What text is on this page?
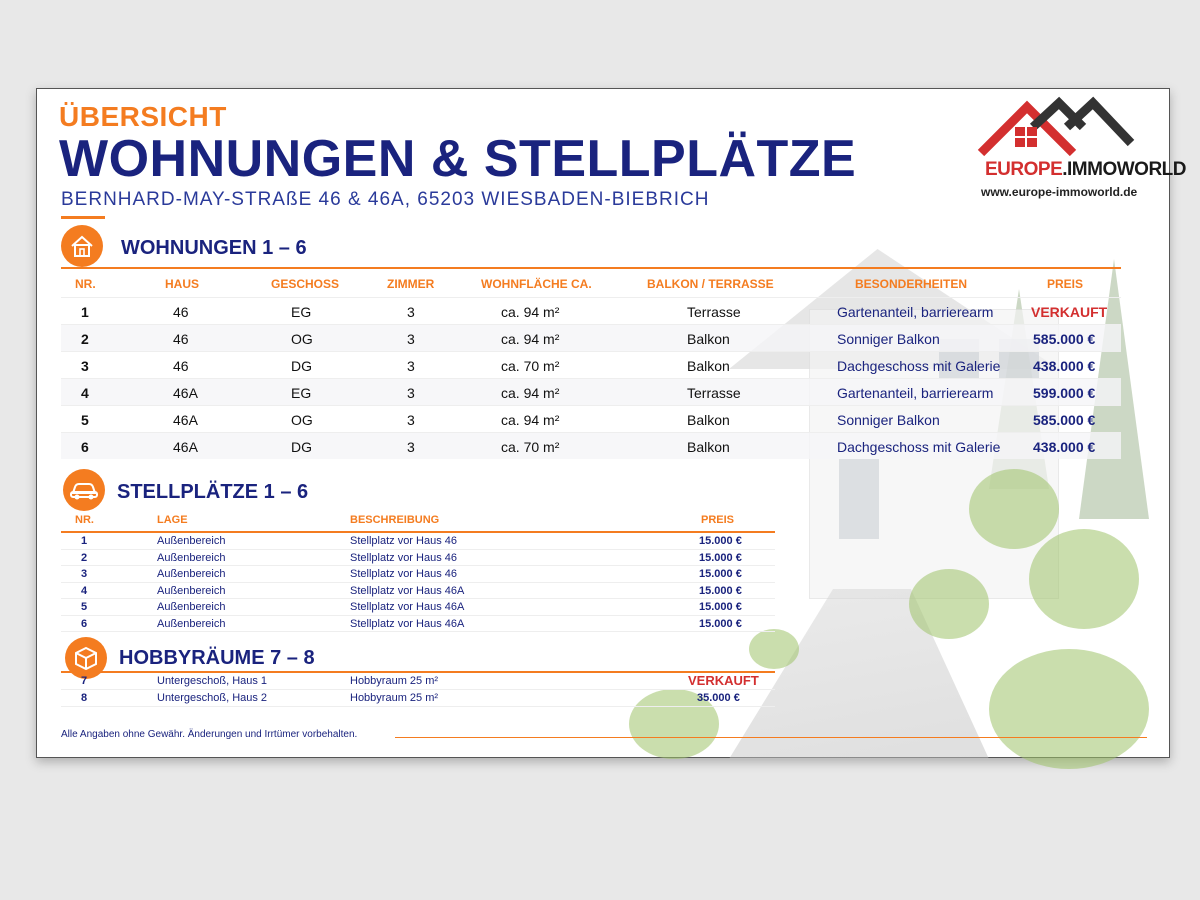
ÜBERSICHT
WOHNUNGEN & STELLPLÄTZE
BERNHARD-MAY-STRAßE 46 & 46A, 65203 WIESBADEN-BIEBRICH
EUROPE.IMMOWORLD
www.europe-immoworld.de
WOHNUNGEN 1 – 6
NR.	HAUS	GESCHOSS	ZIMMER	WOHNFLÄCHE CA.	BALKON / TERRASSE	BESONDERHEITEN	PREIS
1	46	EG	3	ca. 94 m²	Terrasse	Gartenanteil, barrierearm	VERKAUFT
2	46	OG	3	ca. 94 m²	Balkon	Sonniger Balkon	585.000 €
3	46	DG	3	ca. 70 m²	Balkon	Dachgeschoss mit Galerie 438.000 €
4	46A	EG	3	ca. 94 m²	Terrasse	Gartenanteil, barrierearm	599.000 €
5	46A	OG	3	ca. 94 m²	Balkon	Sonniger Balkon	585.000 €
6	46A	DG	3	ca. 70 m²	Balkon	Dachgeschoss mit Galerie 438.000 €
STELLPLÄTZE 1 – 6
NR.	LAGE	BESCHREIBUNG	PREIS
1	Außenbereich	Stellplatz vor Haus 46	15.000 €
2	Außenbereich	Stellplatz vor Haus 46	15.000 €
3	Außenbereich	Stellplatz vor Haus 46	15.000 €
4	Außenbereich	Stellplatz vor Haus 46A	15.000 €
5	Außenbereich	Stellplatz vor Haus 46A	15.000 €
6	Außenbereich	Stellplatz vor Haus 46A	15.000 €
HOBBYRÄUME 7 – 8
7	Untergeschoß, Haus 1	Hobbyraum 25 m²	VERKAUFT
8	Untergeschoß, Haus 2	Hobbyraum 25 m²	35.000 €
Alle Angaben ohne Gewähr. Änderungen und Irrtümer vorbehalten.
